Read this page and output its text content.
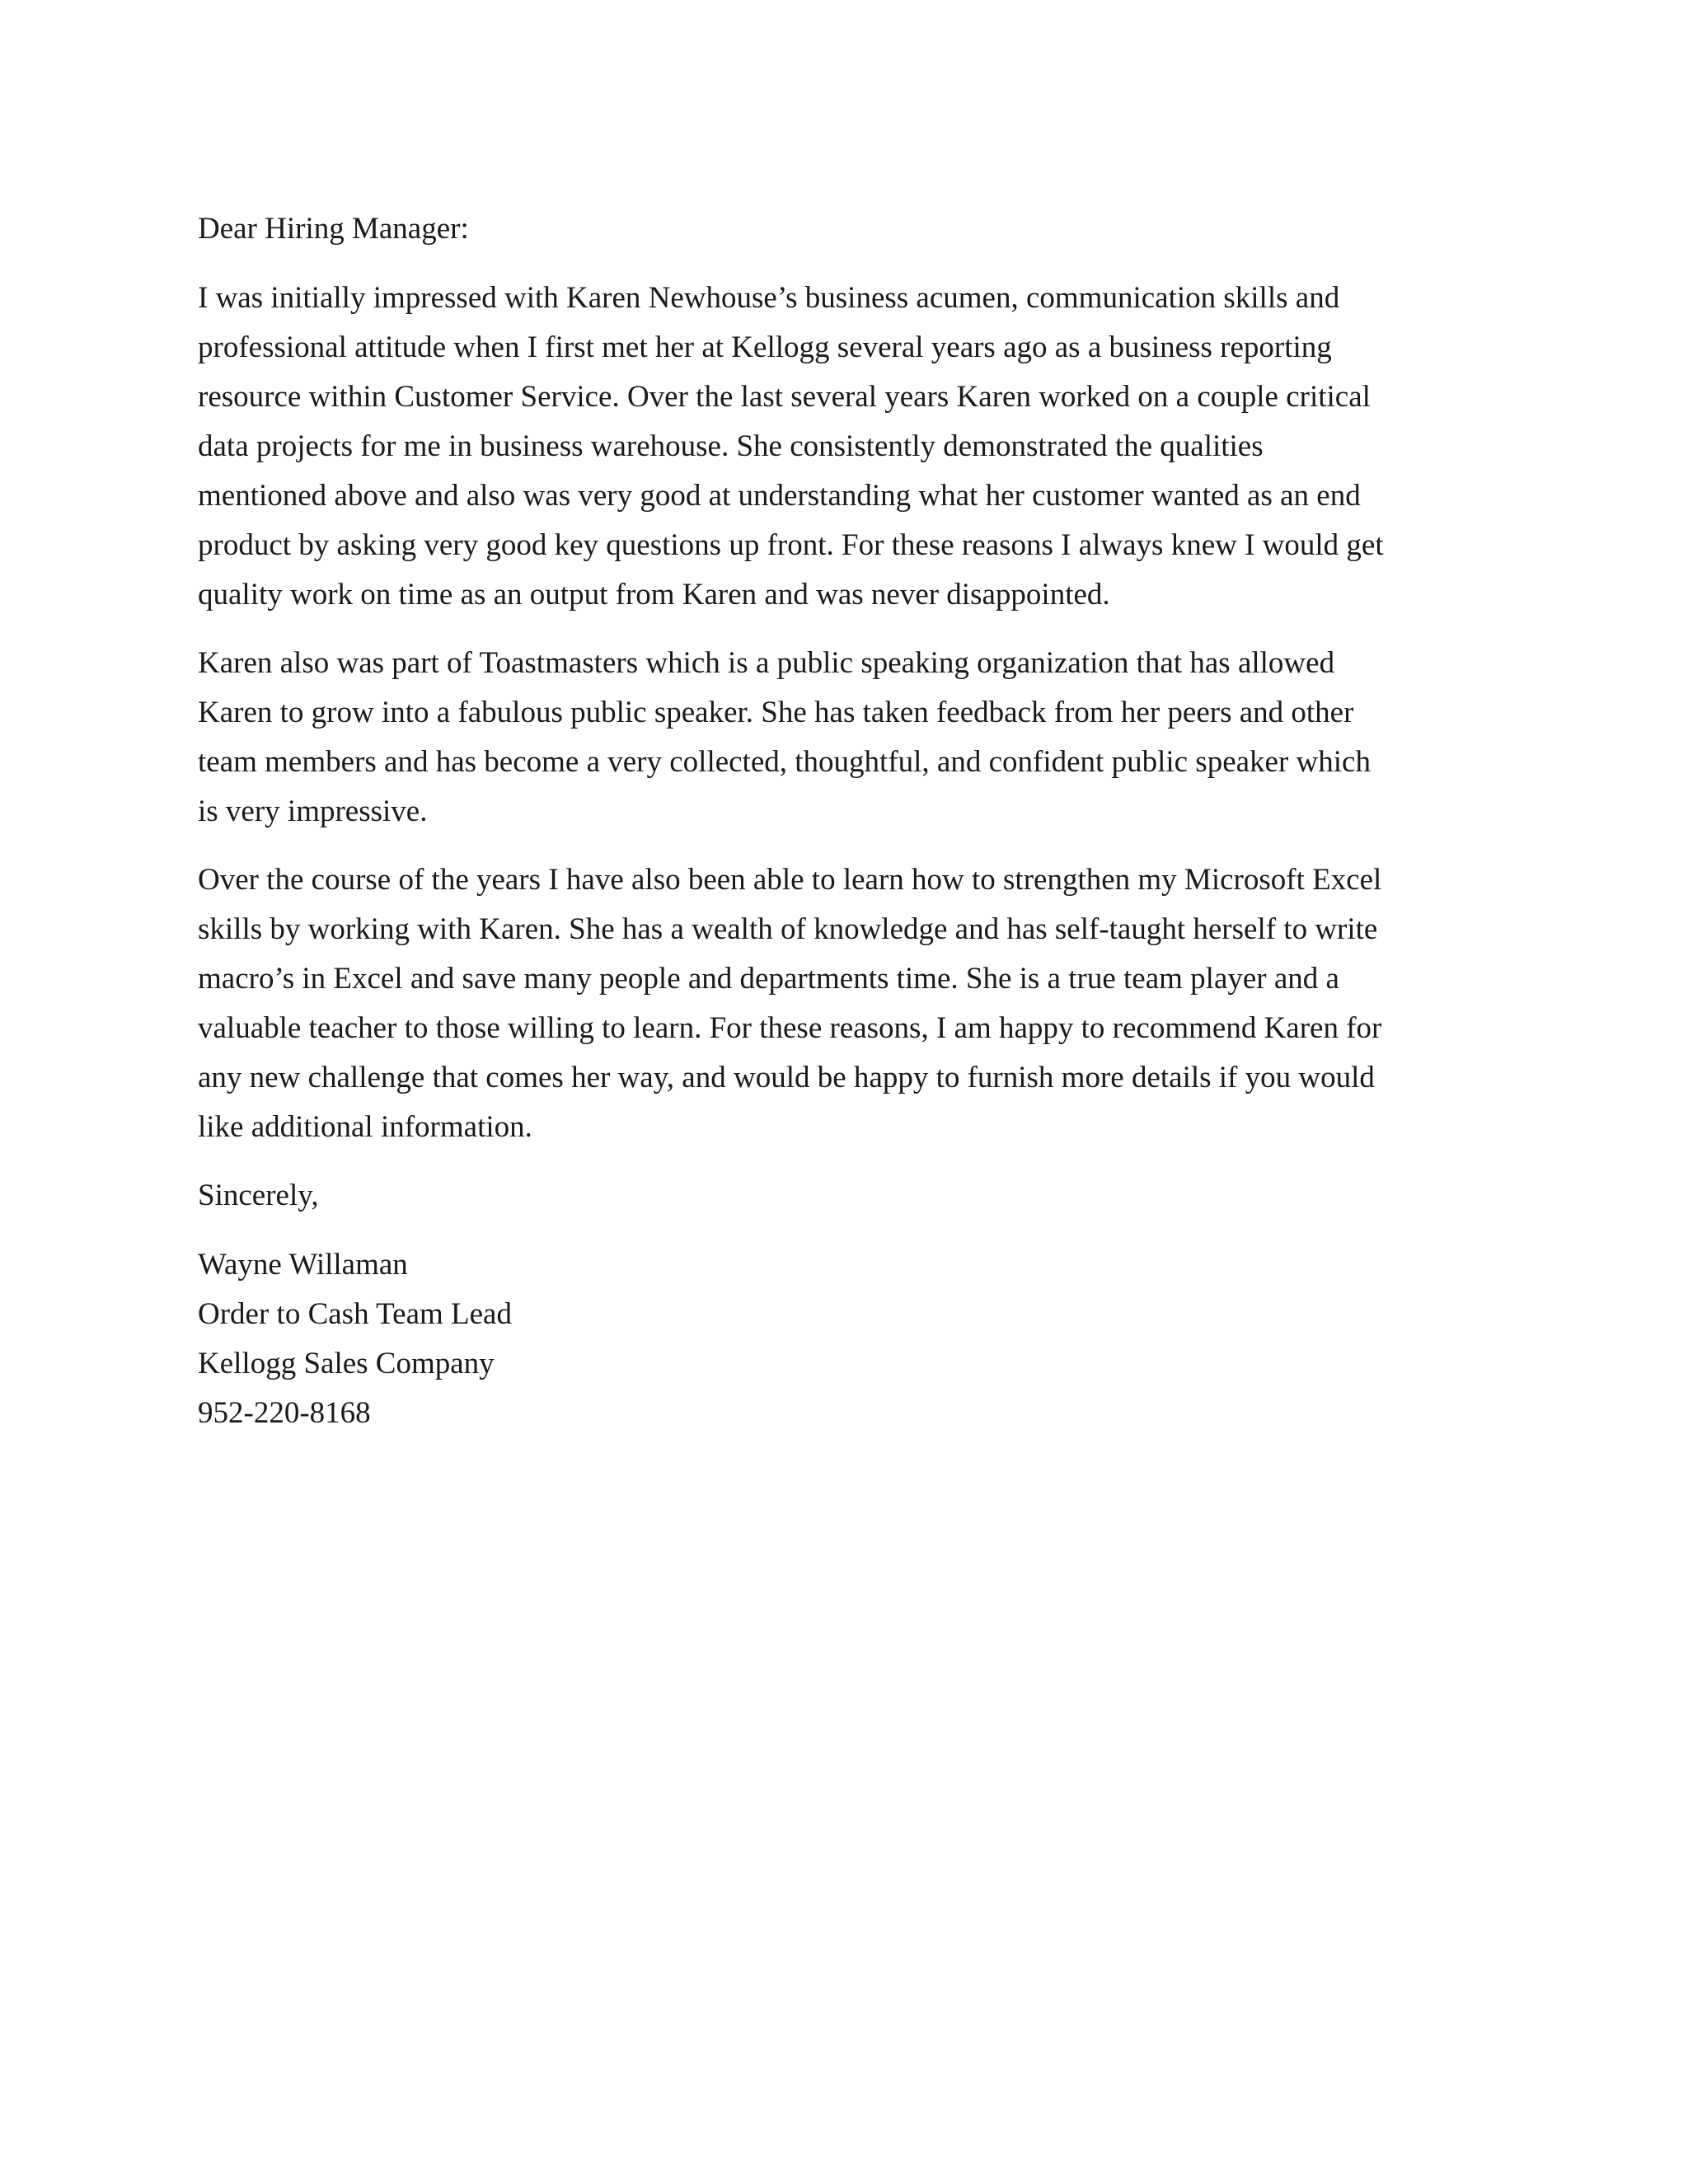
Dear Hiring Manager:
I was initially impressed with Karen Newhouse’s business acumen, communication skills and
professional attitude when I first met her at Kellogg several years ago as a business reporting
resource within Customer Service. Over the last several years Karen worked on a couple critical
data projects for me in business warehouse. She consistently demonstrated the qualities
mentioned above and also was very good at understanding what her customer wanted as an end
product by asking very good key questions up front. For these reasons I always knew I would get
quality work on time as an output from Karen and was never disappointed.
Karen also was part of Toastmasters which is a public speaking organization that has allowed
Karen to grow into a fabulous public speaker. She has taken feedback from her peers and other
team members and has become a very collected, thoughtful, and confident public speaker which
is very impressive.
Over the course of the years I have also been able to learn how to strengthen my Microsoft Excel
skills by working with Karen. She has a wealth of knowledge and has self-taught herself to write
macro’s in Excel and save many people and departments time. She is a true team player and a
valuable teacher to those willing to learn. For these reasons, I am happy to recommend Karen for
any new challenge that comes her way, and would be happy to furnish more details if you would
like additional information.
Sincerely,
Wayne Willaman
Order to Cash Team Lead
Kellogg Sales Company
952-220-8168
